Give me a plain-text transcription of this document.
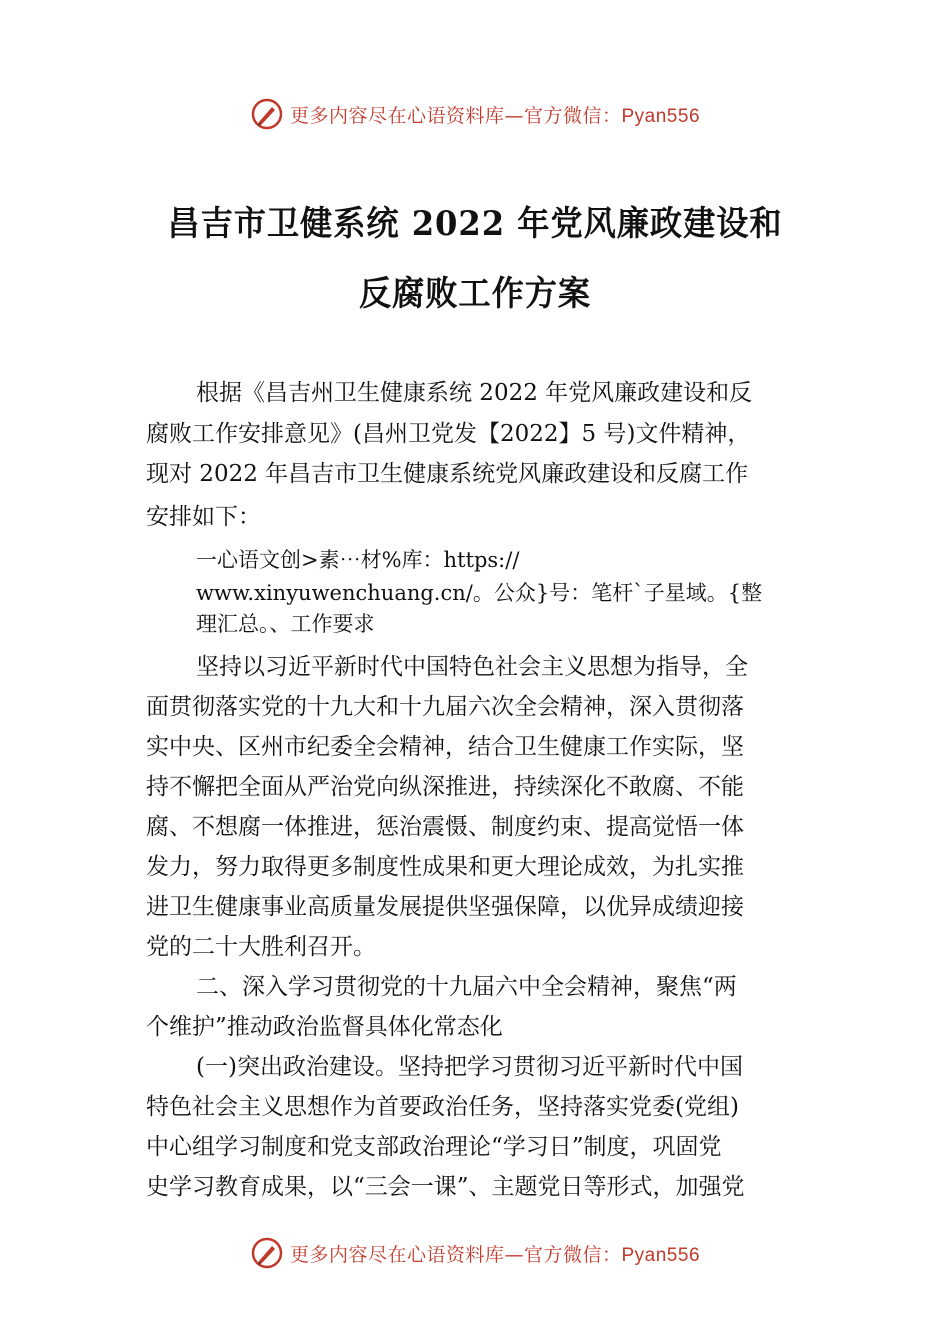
更多内容尽在心语资料库—官方微信：Pyan556
昌吉市卫健系统 2022 年党风廉政建设和
反腐败工作方案
根据《昌吉州卫生健康系统 2022 年党风廉政建设和反
腐败工作安排意见》(昌州卫党发【2022】5 号)文件精神，
现对 2022 年昌吉市卫生健康系统党风廉政建设和反腐工作
安排如下：
一心语文创>素⋯材%库：https://
www.xinyuwenchuang.cn/。公众}号：笔杆`子星域。{整
理汇总。、工作要求
坚持以习近平新时代中国特色社会主义思想为指导，全
面贯彻落实党的十九大和十九届六次全会精神，深入贯彻落
实中央、区州市纪委全会精神，结合卫生健康工作实际，坚
持不懈把全面从严治党向纵深推进，持续深化不敢腐、不能
腐、不想腐一体推进，惩治震慑、制度约束、提高觉悟一体
发力，努力取得更多制度性成果和更大理论成效，为扎实推
进卫生健康事业高质量发展提供坚强保障，以优异成绩迎接
党的二十大胜利召开。
二、深入学习贯彻党的十九届六中全会精神，聚焦“两
个维护”推动政治监督具体化常态化
(一)突出政治建设。坚持把学习贯彻习近平新时代中国
特色社会主义思想作为首要政治任务，坚持落实党委(党组)
中心组学习制度和党支部政治理论“学习日”制度，巩固党
史学习教育成果，以“三会一课”、主题党日等形式，加强党
更多内容尽在心语资料库—官方微信：Pyan556
